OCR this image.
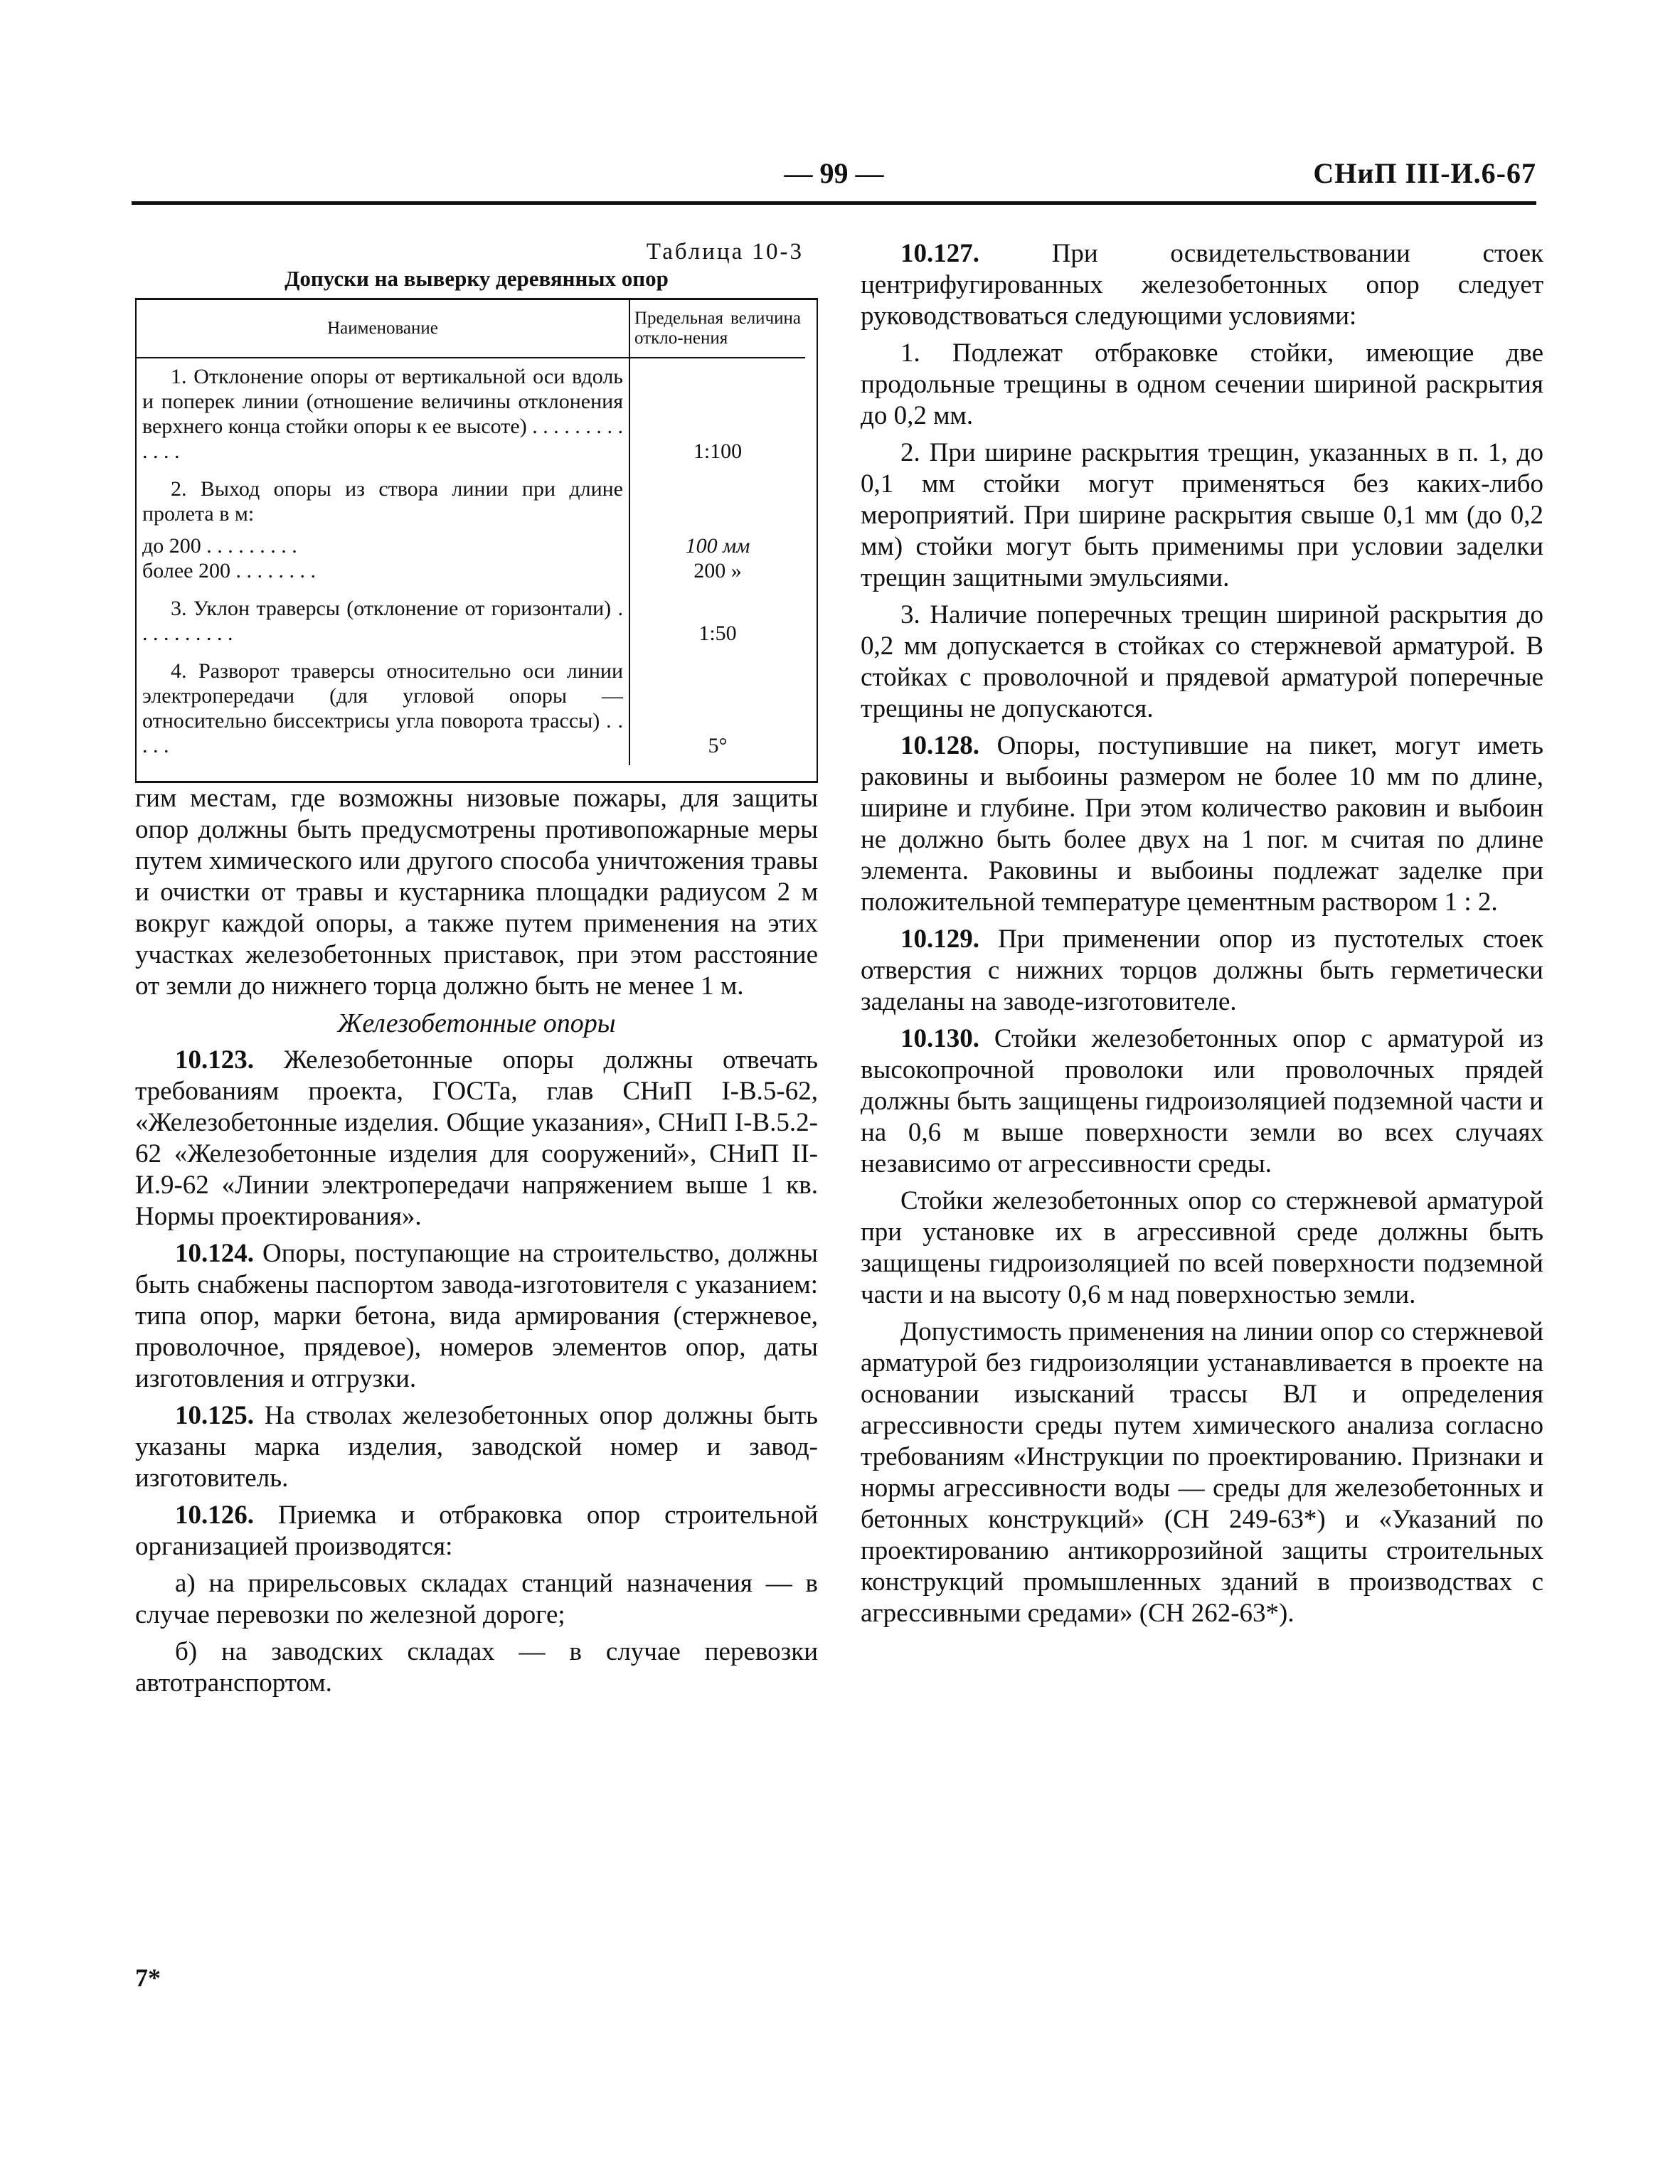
— 99 —	СНиП III-И.6-67
Таблица 10-3
Допуски на выверку деревянных опор
Наименование	Предельная величина откло-нения

1. Отклонение опоры от вертикальной оси вдоль и поперек линии (отношение величины отклонения верхнего конца стойки опоры к ее высоте) . . . . . . . . . . . . .	1:100

2. Выход опоры из створа линии при длине пролета в м:	

до 200 . . . . . . . . .	100 мм
более 200 . . . . . . . .	200 »

3. Уклон траверсы (отклонение от горизонтали) . . . . . . . . . .	1:50

4. Разворот траверсы относительно оси линии электропередачи (для угловой опоры — относительно биссектрисы угла поворота трассы) . . . . .	5°

гим местам, где возможны низовые пожары, для защиты опор должны быть предусмотрены противопожарные меры путем химического или другого способа уничтожения травы и очистки от травы и кустарника площадки радиусом 2 м вокруг каждой опоры, а также путем применения на этих участках железобетонных приставок, при этом расстояние от земли до нижнего торца должно быть не менее 1 м.

Железобетонные опоры

10.123. Железобетонные опоры должны отвечать требованиям проекта, ГОСТа, глав СНиП I-В.5-62, «Железобетонные изделия. Общие указания», СНиП I-В.5.2-62 «Железобетонные изделия для сооружений», СНиП II-И.9-62 «Линии электропередачи напряжением выше 1 кв. Нормы проектирования».

10.124. Опоры, поступающие на строительство, должны быть снабжены паспортом завода-изготовителя с указанием: типа опор, марки бетона, вида армирования (стержневое, проволочное, прядевое), номеров элементов опор, даты изготовления и отгрузки.

10.125. На стволах железобетонных опор должны быть указаны марка изделия, заводской номер и завод-изготовитель.

10.126. Приемка и отбраковка опор строительной организацией производятся:

а) на прирельсовых складах станций назначения — в случае перевозки по железной дороге;

б) на заводских складах — в случае перевозки автотранспортом.

7*

10.127.	При освидетельствовании стоек центрифугированных железобетонных опор следует руководствоваться следующими условиями:

1. Подлежат отбраковке стойки, имеющие две продольные трещины в одном сечении шириной раскрытия до 0,2 мм.

2. При ширине раскрытия трещин, указанных в п. 1, до 0,1 мм стойки могут применяться без каких-либо мероприятий. При ширине раскрытия свыше 0,1 мм (до 0,2 мм) стойки могут быть применимы при условии заделки трещин защитными эмульсиями.

3. Наличие поперечных трещин шириной раскрытия до 0,2 мм допускается в стойках со стержневой арматурой. В стойках с проволочной и прядевой арматурой поперечные трещины не допускаются.

10.128. Опоры, поступившие на пикет, могут иметь раковины и выбоины размером не более 10 мм по длине, ширине и глубине. При этом количество раковин и выбоин не должно быть более двух на 1 пог. м считая по длине элемента. Раковины и выбоины подлежат заделке при положительной температуре цементным раствором 1 : 2.

10.129. При применении опор из пустотелых стоек отверстия с нижних торцов должны быть герметически заделаны на заводе-изготовителе.

10.130. Стойки железобетонных опор с арматурой из высокопрочной проволоки или проволочных прядей должны быть защищены гидроизоляцией подземной части и на 0,6 м выше поверхности земли во всех случаях независимо от агрессивности среды.

Стойки железобетонных опор со стержневой арматурой при установке их в агрессивной среде должны быть защищены гидроизоляцией по всей поверхности подземной части и на высоту 0,6 м над поверхностью земли.

Допустимость применения на линии опор со стержневой арматурой без гидроизоляции устанавливается в проекте на основании изысканий трассы ВЛ и определения агрессивности среды путем химического анализа согласно требованиям «Инструкции по проектированию. Признаки и нормы агрессивности воды — среды для железобетонных и бетонных конструкций» (СН 249-63*) и «Указаний по проектированию антикоррозийной защиты строительных конструкций промышленных зданий в производствах с агрессивными средами» (СН 262-63*).
